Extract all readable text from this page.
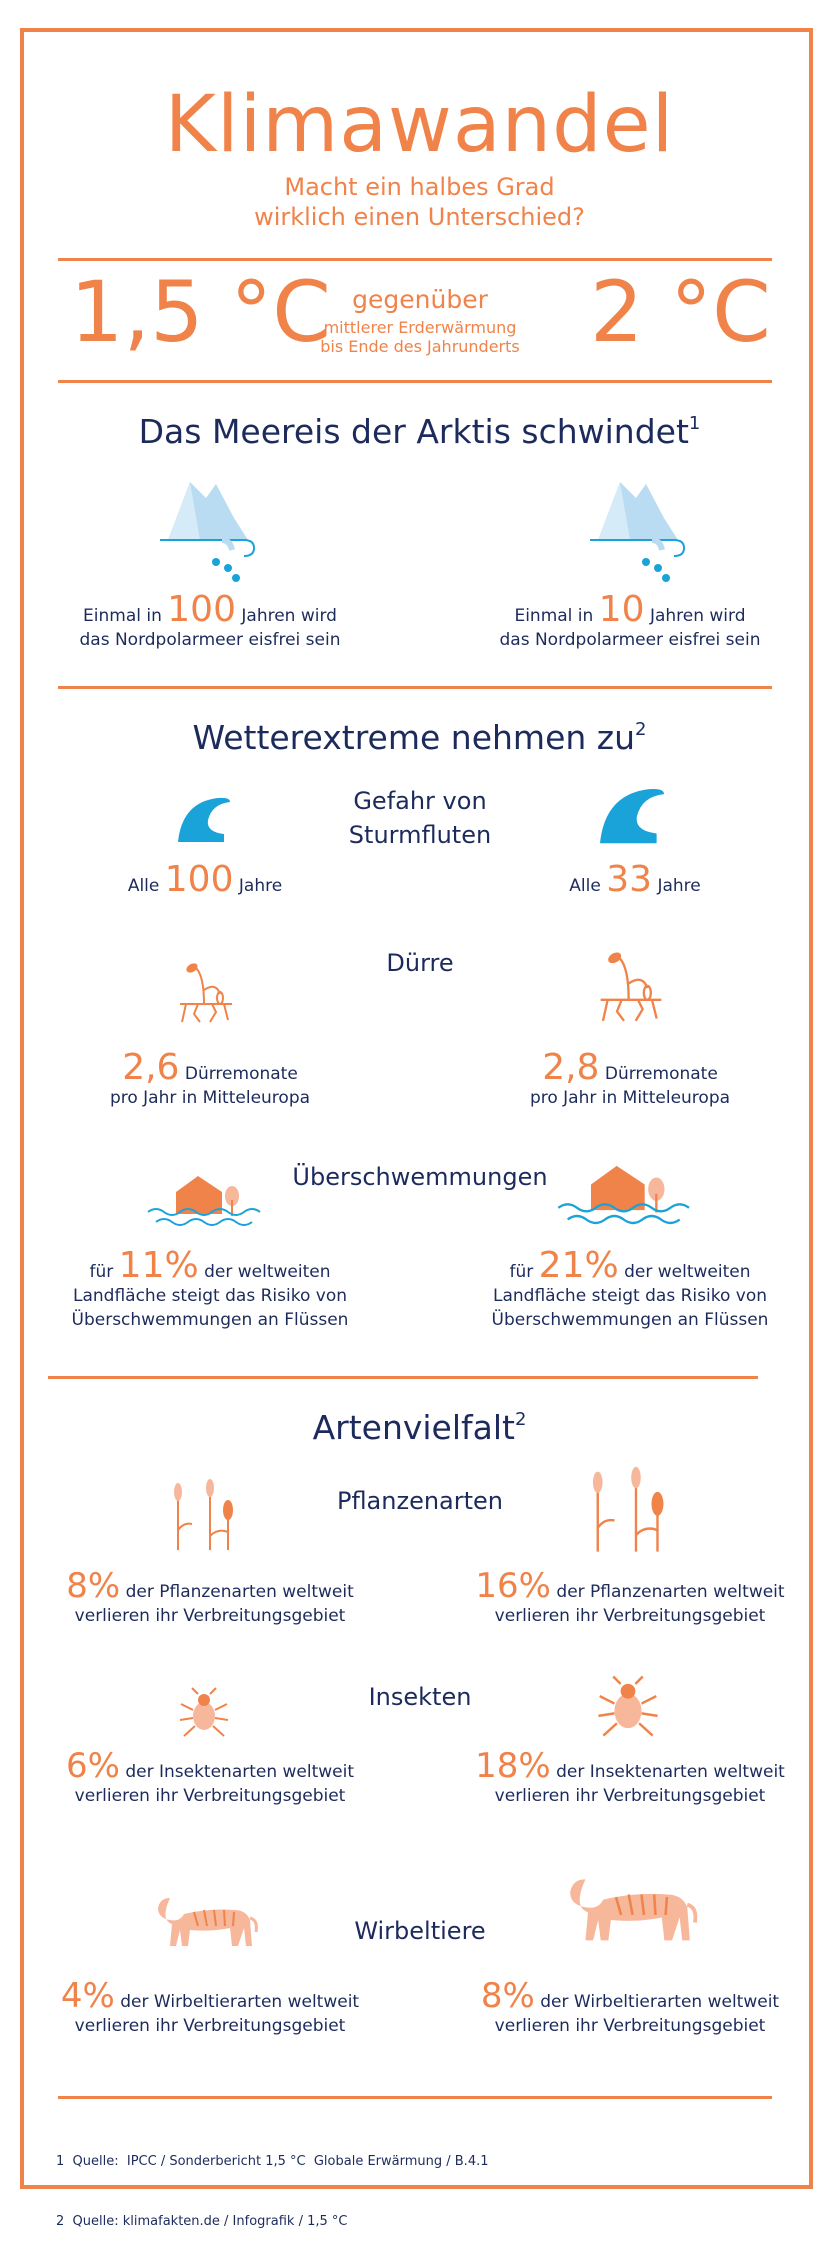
Klimawandel
Macht ein halbes Grad
wirklich einen Unterschied?
1,5 °C	2 °C
gegenüber
mittlerer Erderwärmung
bis Ende des Jahrunderts
Das Meereis der Arktis schwindet$^1$
Einmal in 100 Jahren wird
das Nordpolarmeer eisfrei sein
Einmal in 10 Jahren wird
das Nordpolarmeer eisfrei sein
Wetterextreme nehmen $zu^2$
Gefahr von
Sturmfluten
Alle 100 Jahre	Alle 33 Jahre
Dürre
2,6 Dürremonate
pro Jahr in Mitteleuropa
2,8 Dürremonate
pro Jahr in Mitteleuropa
Überschwemmungen
für 11% der weltweiten
Landfläche steigt das Risiko von
Überschwemmungen an Flüssen
für 21% der weltweiten
Landfläche steigt das Risiko von
Überschwemmungen an Flüssen
Artenvielfalt$^2$
Pflanzenarten
8% der Pflanzenarten weltweit
verlieren ihr Verbreitungsgebiet
16% der Pflanzenarten weltweit
verlieren ihr Verbreitungsgebiet
Insekten
6% der Insektenarten weltweit
verlieren ihr Verbreitungsgebiet
18% der Insektenarten weltweit
verlieren ihr Verbreitungsgebiet
Wirbeltiere
4% der Wirbeltierarten weltweit
verlieren ihr Verbreitungsgebiet
8% der Wirbeltierarten weltweit
verlieren ihr Verbreitungsgebiet

1  Quelle:  IPCC / Sonderbericht 1,5 °C  Globale Erwärmung / B.4.1

2  Quelle: klimafakten.de / Infografik / 1,5 °C
